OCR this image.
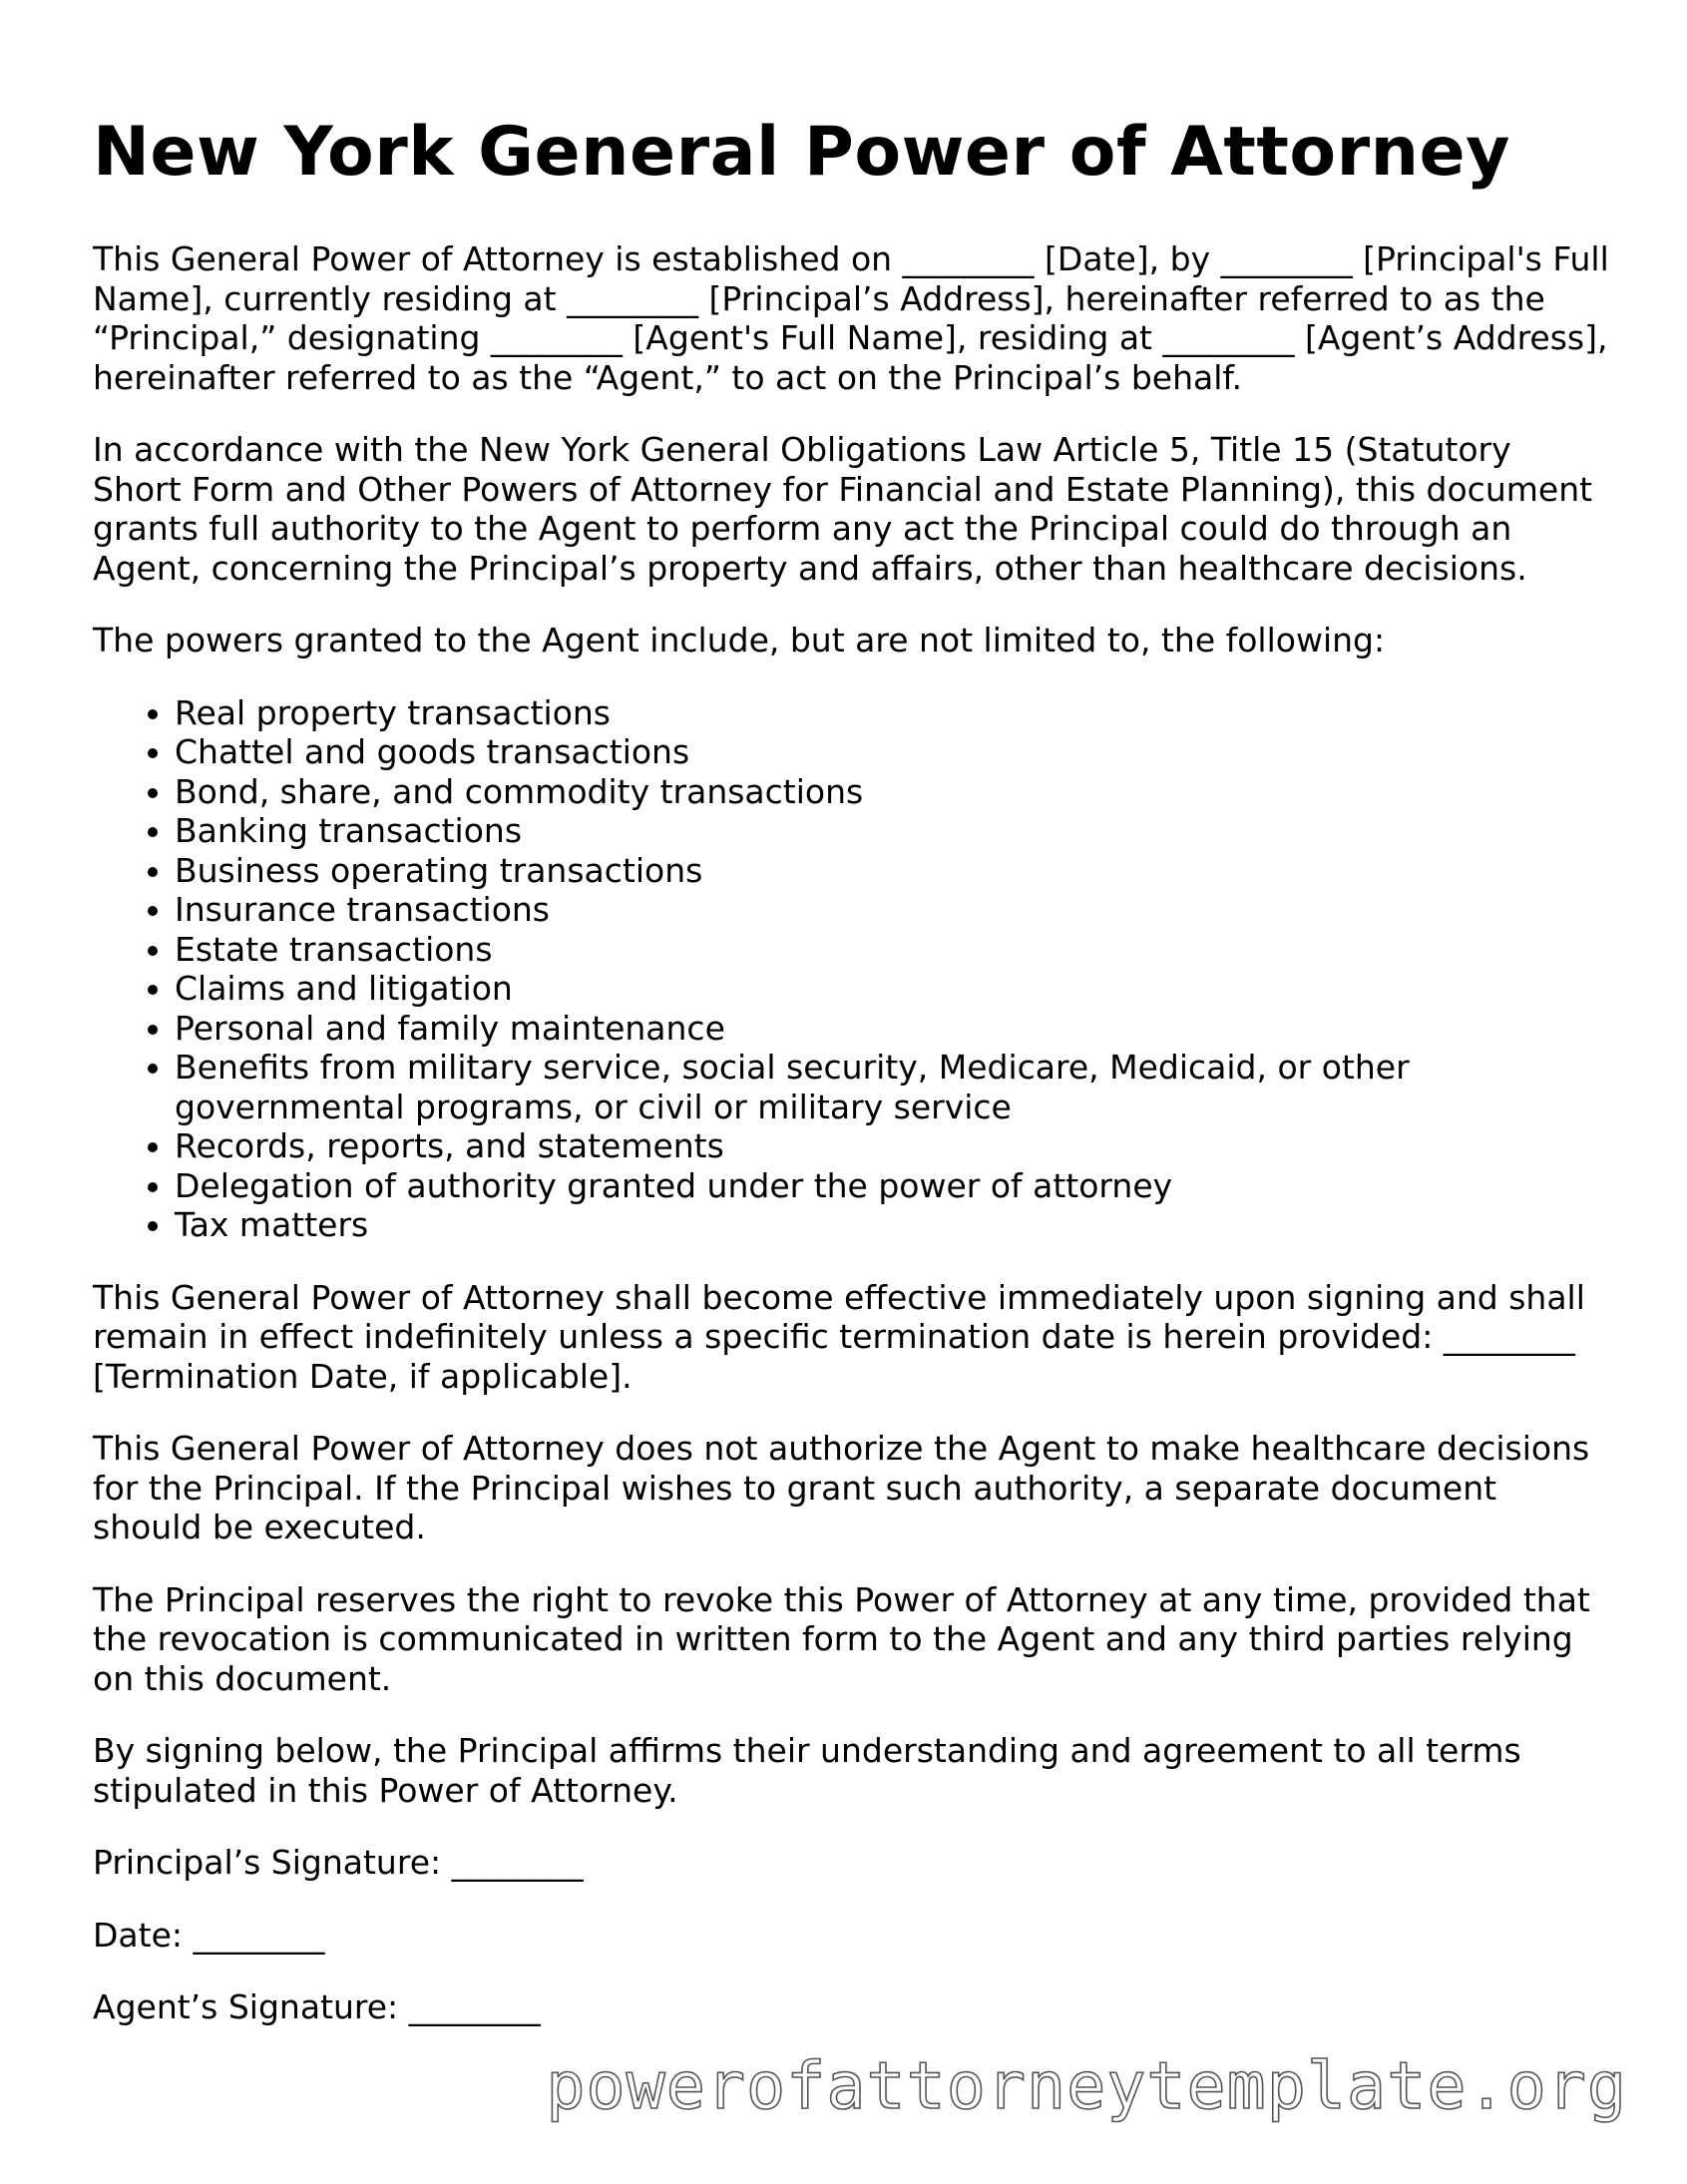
New York General Power of Attorney

This General Power of Attorney is established on ________ [Date], by ________ [Principal's Full Name], currently residing at ________ [Principal’s Address], hereinafter referred to as the “Principal,” designating ________ [Agent's Full Name], residing at ________ [Agent’s Address], hereinafter referred to as the “Agent,” to act on the Principal’s behalf.

In accordance with the New York General Obligations Law Article 5, Title 15 (Statutory Short Form and Other Powers of Attorney for Financial and Estate Planning), this document grants full authority to the Agent to perform any act the Principal could do through an Agent, concerning the Principal’s property and affairs, other than healthcare decisions.

The powers granted to the Agent include, but are not limited to, the following:

• Real property transactions
• Chattel and goods transactions
• Bond, share, and commodity transactions
• Banking transactions
• Business operating transactions
• Insurance transactions
• Estate transactions
• Claims and litigation
• Personal and family maintenance
• Benefits from military service, social security, Medicare, Medicaid, or other governmental programs, or civil or military service
• Records, reports, and statements
• Delegation of authority granted under the power of attorney
• Tax matters

This General Power of Attorney shall become effective immediately upon signing and shall remain in effect indefinitely unless a specific termination date is herein provided: ________ [Termination Date, if applicable].

This General Power of Attorney does not authorize the Agent to make healthcare decisions for the Principal. If the Principal wishes to grant such authority, a separate document should be executed.

The Principal reserves the right to revoke this Power of Attorney at any time, provided that the revocation is communicated in written form to the Agent and any third parties relying on this document.

By signing below, the Principal affirms their understanding and agreement to all terms stipulated in this Power of Attorney.

Principal’s Signature: ________
Date: ________
Agent’s Signature: ________
powerofattorneytemplate.org
